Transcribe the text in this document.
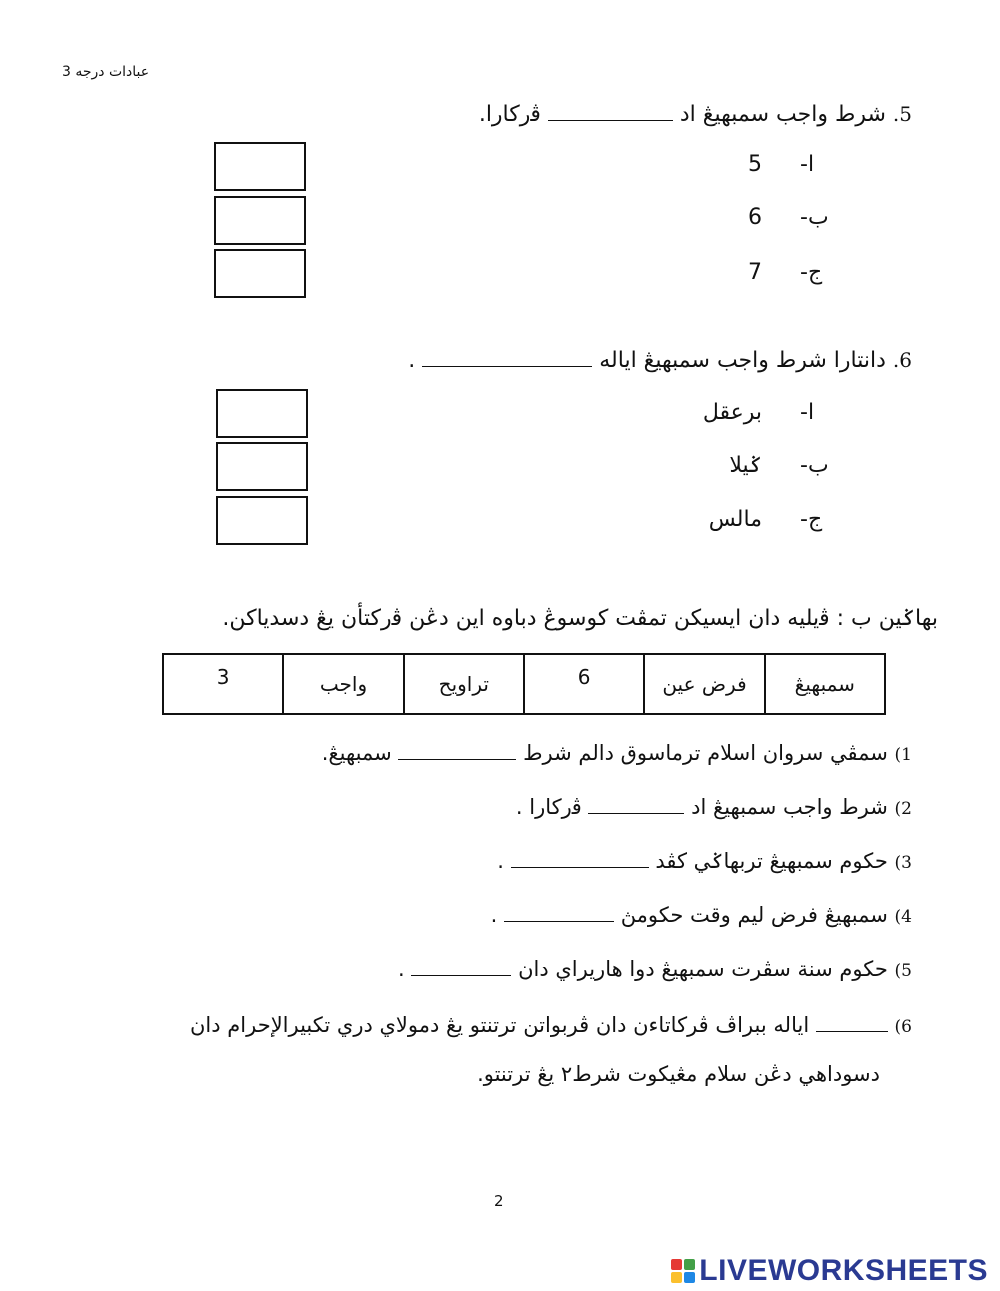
عبادات درجه 3
5. شرط واجب سمبهيڠ اد  ﭬرکارا.
ا-
5
ب-
6
ج-
7
6. دانتارا شرط واجب سمبهيڠ اياله  .
ا-
برعقل
ب-
ݢيلا
ج-
مالس
بهاݢين ب : ﭬيليه دان ايسيکن تمڤت کوسوڠ دباوه اين دڠن ﭬرکتأن يڠ دسدياکن.
3	واجب	تراويح	6	فرض عين	سمبهيڠ
1) سمڤي سروان اسلام ترماسوق دالم شرط  سمبهيڠ.
2) شرط واجب سمبهيڠ اد  ﭬرکارا .
3) حکوم سمبهيڠ تربهاݢي کڤد  .
4) سمبهيڠ فرض ليم وقت حکومڽ  .
5) حکوم سنة سڤرت سمبهيڠ دوا هاريراي دان  .
6)  اياله ببراڤ ڤرکاتاءن دان ڤربواتن ترتنتو يڠ دمولاي دري تکبيرالإحرام دان
دسوداهي دڠن سلام مڠيکوت شرط٢ يڠ ترتنتو.
2
LIVEWORKSHEETS
